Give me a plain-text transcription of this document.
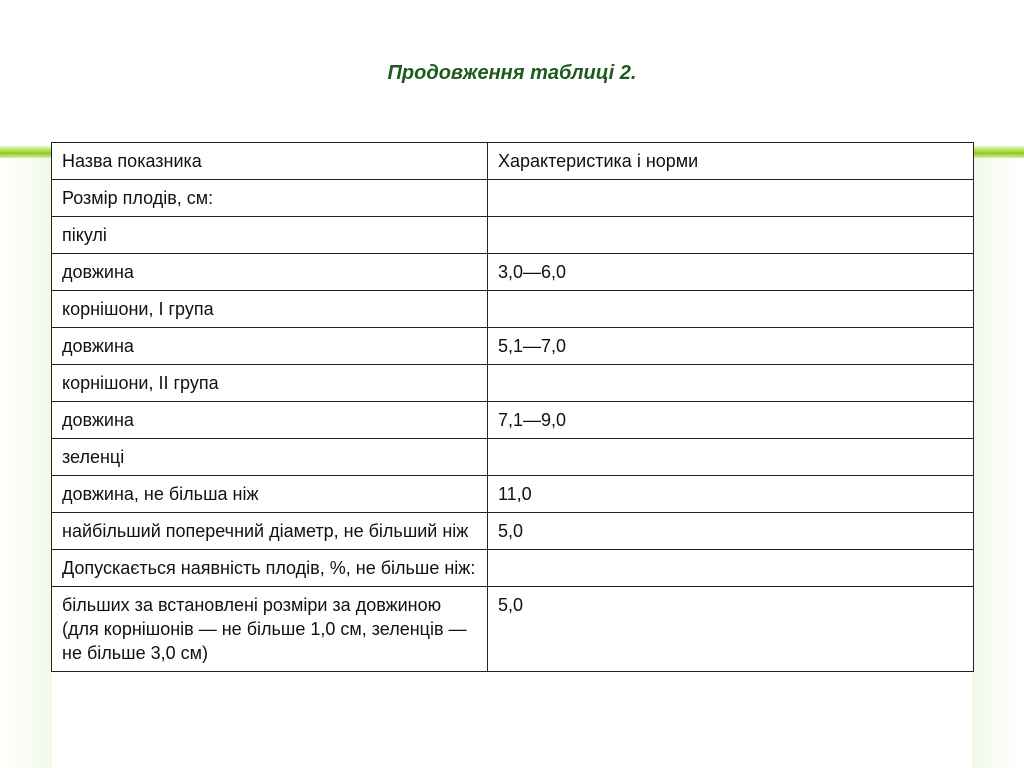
Продовження таблиці 2.
Назва показника	Характеристика і норми
Розмір плодів, см:	
пікулі	
довжина	3,0—6,0
корнішони, I група	
довжина	5,1—7,0
корнішони, II група	
довжина	7,1—9,0
зеленці	
довжина, не більша ніж	11,0
найбільший поперечний діаметр, не більший ніж	5,0
Допускається наявність плодів, %, не більше ніж:	
більших за встановлені розміри за довжиною (для корнішонів — не більше 1,0 см, зеленців —не більше 3,0 см)	5,0
